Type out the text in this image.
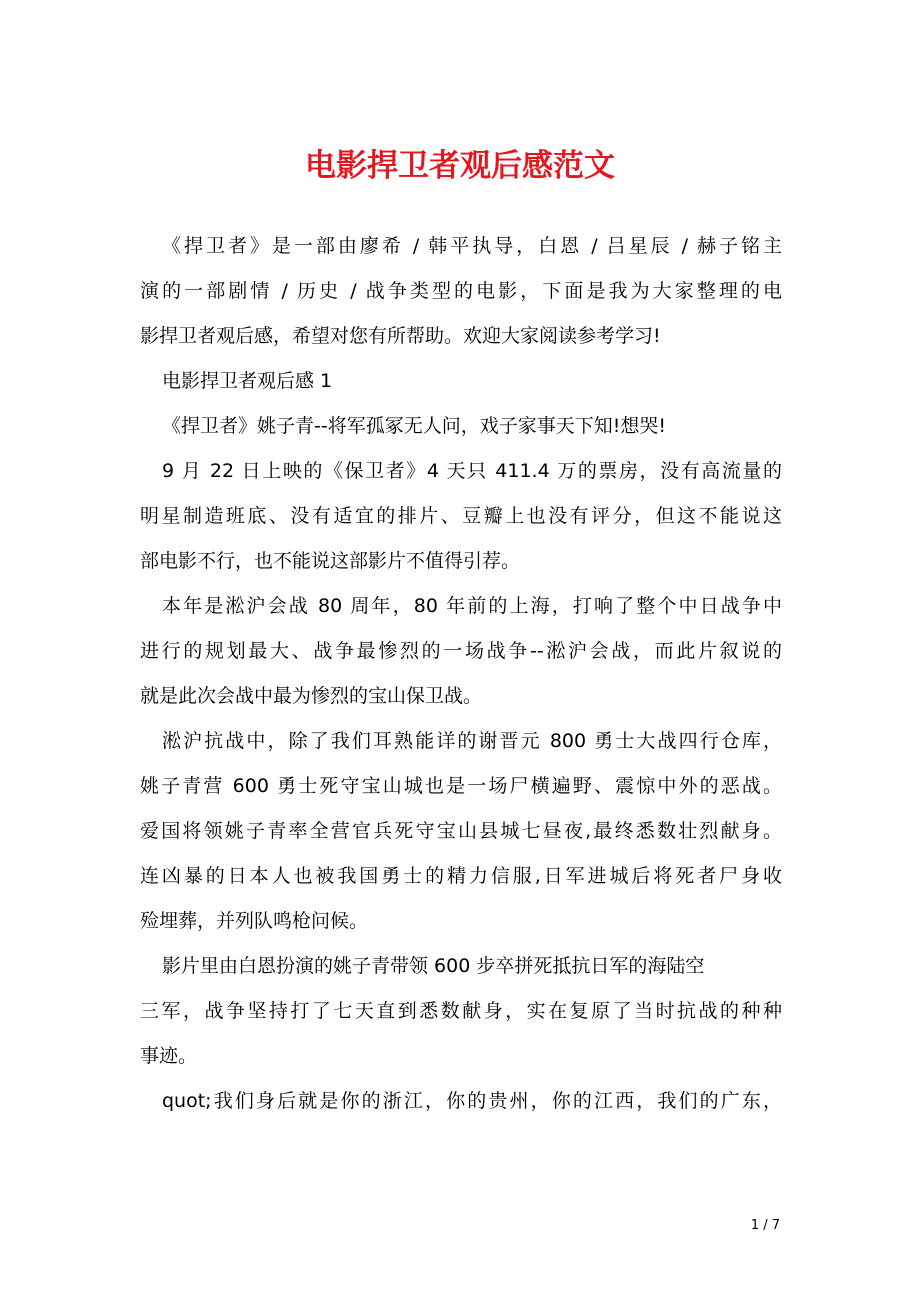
电影捍卫者观后感范文

《捍卫者》是一部由廖希 / 韩平执导，白恩 / 吕星辰 / 赫子铭主

演的一部剧情 / 历史 / 战争类型的电影，下面是我为大家整理的电

影捍卫者观后感，希望对您有所帮助。欢迎大家阅读参考学习!

电影捍卫者观后感 1

《捍卫者》姚子青--将军孤冢无人问，戏子家事天下知!想哭!

9 月 22 日上映的《保卫者》4 天只 411.4 万的票房，没有高流量的

明星制造班底、没有适宜的排片、豆瓣上也没有评分，但这不能说这

部电影不行，也不能说这部影片不值得引荐。

本年是淞沪会战 80 周年，80 年前的上海，打响了整个中日战争中

进行的规划最大、战争最惨烈的一场战争--淞沪会战，而此片叙说的

就是此次会战中最为惨烈的宝山保卫战。

淞沪抗战中，除了我们耳熟能详的谢晋元 800 勇士大战四行仓库，

姚子青营 600 勇士死守宝山城也是一场尸横遍野、震惊中外的恶战。

爱国将领姚子青率全营官兵死守宝山县城七昼夜,最终悉数壮烈献身。

连凶暴的日本人也被我国勇士的精力信服,日军进城后将死者尸身收

殓埋葬，并列队鸣枪问候。

影片里由白恩扮演的姚子青带领 600 步卒拼死抵抗日军的海陆空

三军，战争坚持打了七天直到悉数献身，实在复原了当时抗战的种种

事迹。

quot;我们身后就是你的浙江，你的贵州，你的江西，我们的广东，

1 / 7
